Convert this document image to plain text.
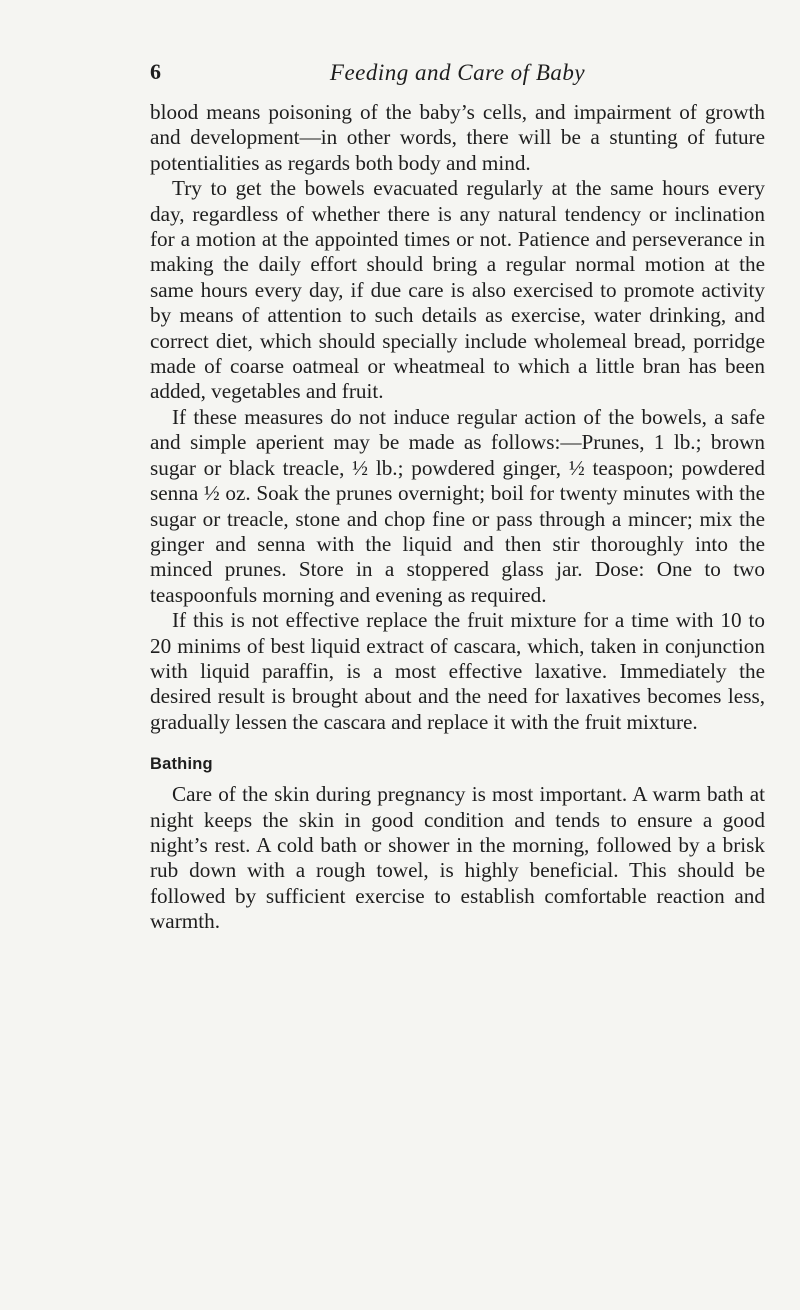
6	Feeding and Care of Baby

blood means poisoning of the baby’s cells, and impairment of growth and development—in other words, there will be a stunting of future potentialities as regards both body and mind.

Try to get the bowels evacuated regularly at the same hours every day, regardless of whether there is any natural tendency or inclination for a motion at the appointed times or not. Patience and perseverance in making the daily effort should bring a regular normal motion at the same hours every day, if due care is also exercised to promote activity by means of attention to such details as exercise, water drinking, and correct diet, which should specially include wholemeal bread, porridge made of coarse oatmeal or wheatmeal to which a little bran has been added, vegetables and fruit.

If these measures do not induce regular action of the bowels, a safe and simple aperient may be made as follows:—Prunes, 1 lb.; brown sugar or black treacle, ½ lb.; powdered ginger, ½ teaspoon; powdered senna ½ oz. Soak the prunes overnight; boil for twenty minutes with the sugar or treacle, stone and chop fine or pass through a mincer; mix the ginger and senna with the liquid and then stir thoroughly into the minced prunes. Store in a stoppered glass jar. Dose: One to two teaspoonfuls morning and evening as required.

If this is not effective replace the fruit mixture for a time with 10 to 20 minims of best liquid extract of cascara, which, taken in conjunction with liquid paraffin, is a most effective laxative. Immediately the desired result is brought about and the need for laxatives becomes less, gradually lessen the cascara and replace it with the fruit mixture.

Bathing

Care of the skin during pregnancy is most important. A warm bath at night keeps the skin in good condition and tends to ensure a good night’s rest. A cold bath or shower in the morning, followed by a brisk rub down with a rough towel, is highly beneficial. This should be followed by sufficient exercise to establish comfortable reaction and warmth.
